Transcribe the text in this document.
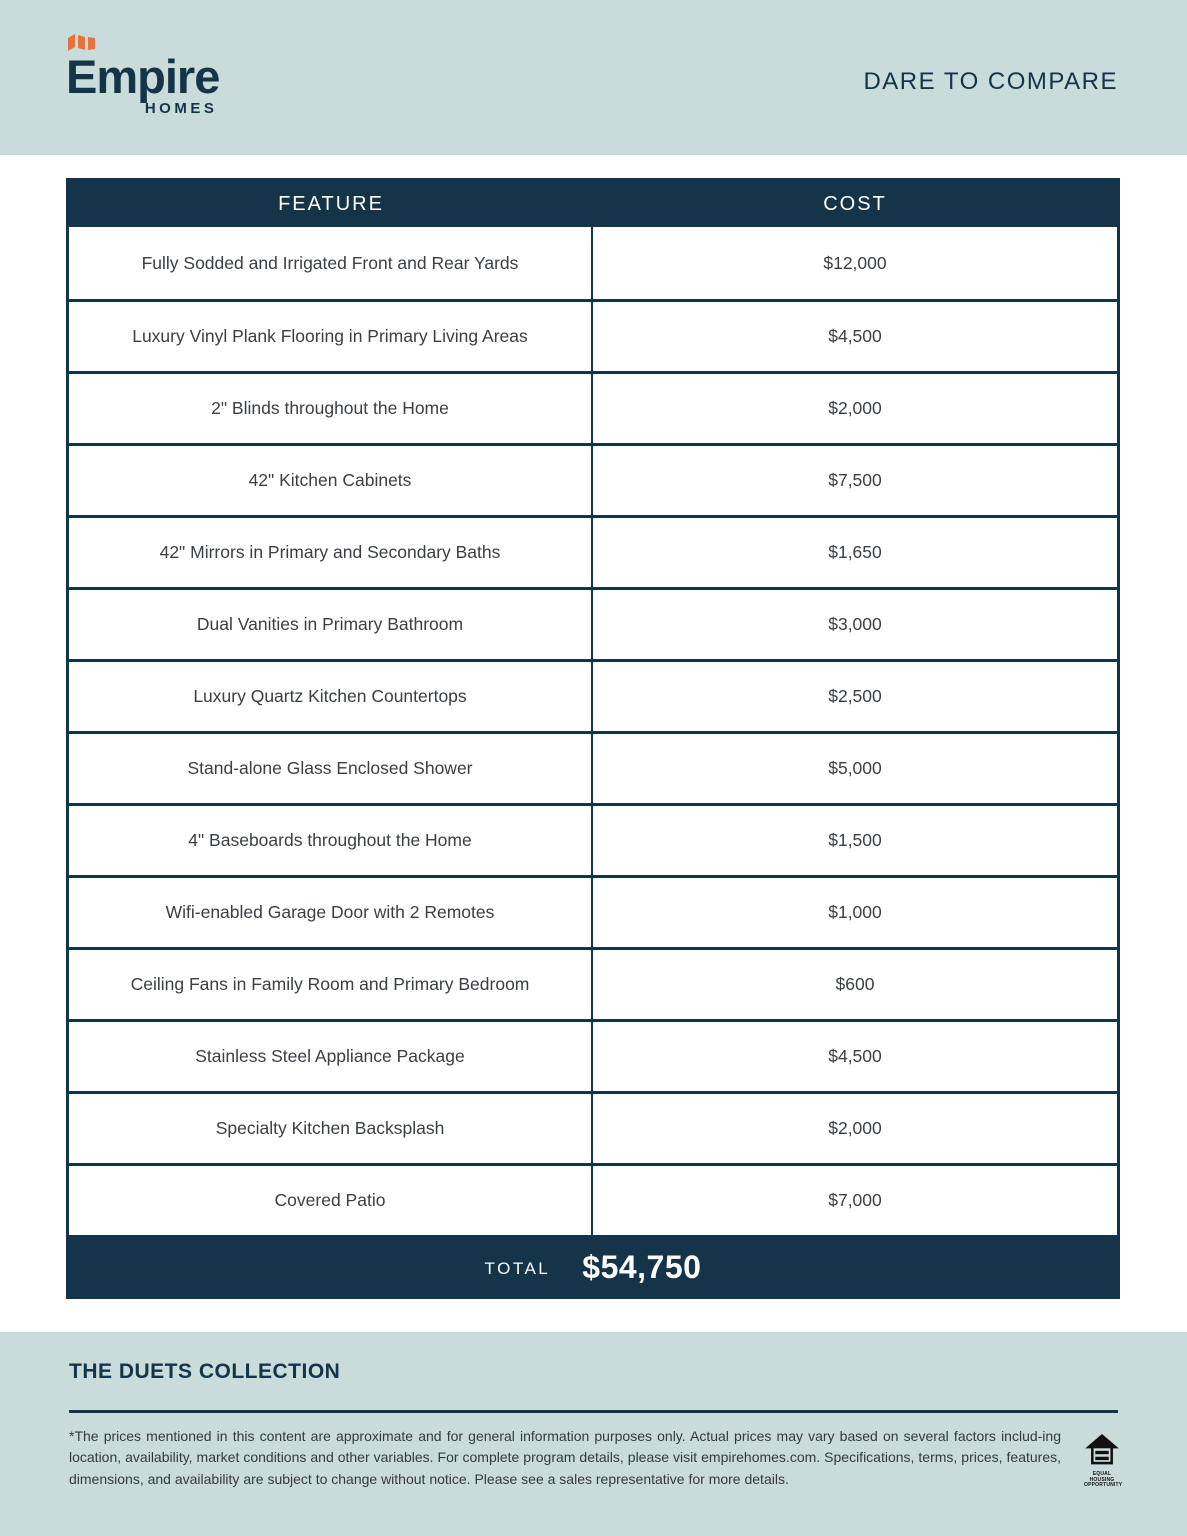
Empire
HOMES
DARE TO COMPARE
FEATURE	COST
Fully Sodded and Irrigated Front and Rear Yards	$12,000
Luxury Vinyl Plank Flooring in Primary Living Areas	$4,500
2" Blinds throughout the Home	$2,000
42" Kitchen Cabinets	$7,500
42" Mirrors in Primary and Secondary Baths	$1,650
Dual Vanities in Primary Bathroom	$3,000
Luxury Quartz Kitchen Countertops	$2,500
Stand-alone Glass Enclosed Shower	$5,000
4" Baseboards throughout the Home	$1,500
Wifi-enabled Garage Door with 2 Remotes	$1,000
Ceiling Fans in Family Room and Primary Bedroom	$600
Stainless Steel Appliance Package	$4,500
Specialty Kitchen Backsplash	$2,000
Covered Patio	$7,000
TOTAL $54,750
THE DUETS COLLECTION
*The prices mentioned in this content are approximate and for general information purposes only. Actual prices may vary based on several factors includ-ing location, availability, market conditions and other variables. For complete program details, please visit empirehomes.com. Specifications, terms, prices, features, dimensions, and availability are subject to change without notice. Please see a sales representative for more details.	EQUAL HOUSING OPPORTUNITY
